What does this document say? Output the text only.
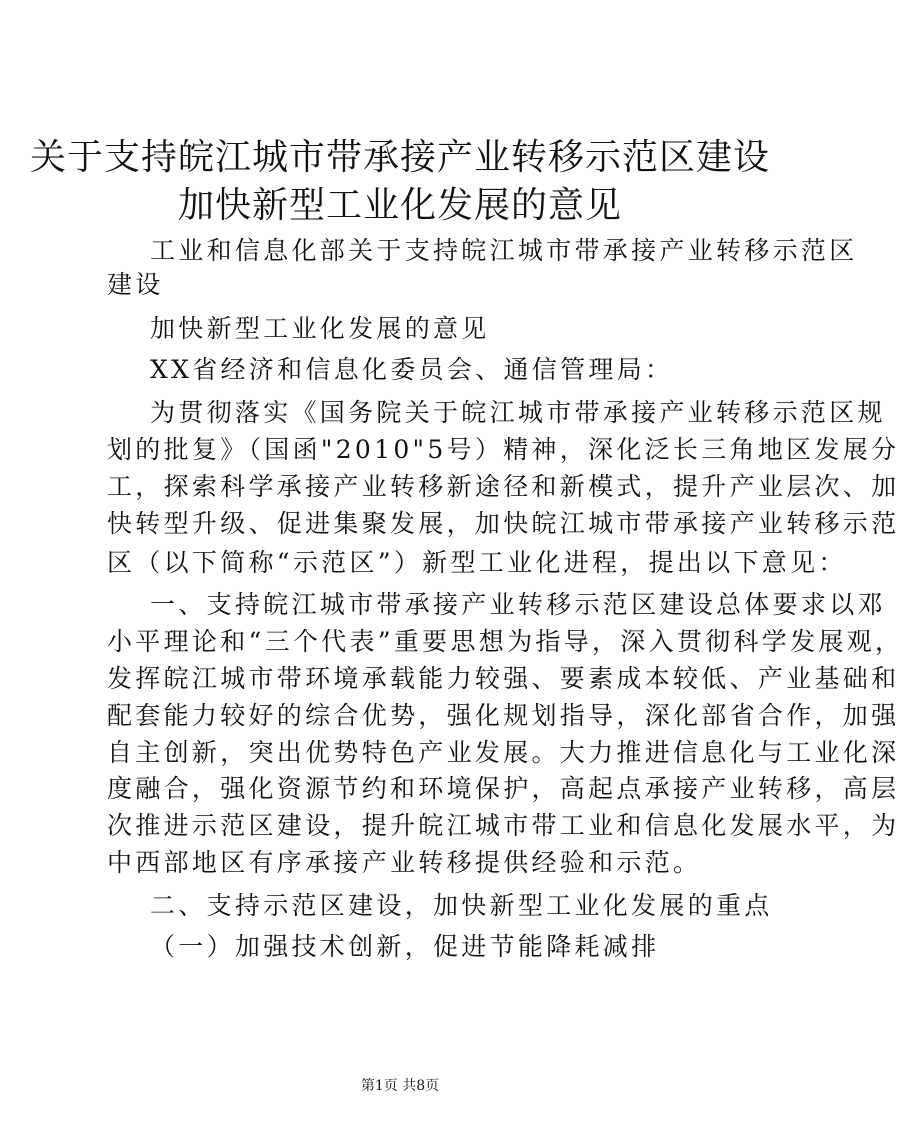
关于支持皖江城市带承接产业转移示范区建设
加快新型工业化发展的意见
工业和信息化部关于支持皖江城市带承接产业转移示范区
建设
加快新型工业化发展的意见
XX省经济和信息化委员会、通信管理局：
为贯彻落实《国务院关于皖江城市带承接产业转移示范区规
划的批复》（国函"2010"5号）精神，深化泛长三角地区发展分
工，探索科学承接产业转移新途径和新模式，提升产业层次、加
快转型升级、促进集聚发展，加快皖江城市带承接产业转移示范
区（以下简称“示范区”）新型工业化进程，提出以下意见：
一、支持皖江城市带承接产业转移示范区建设总体要求以邓
小平理论和“三个代表”重要思想为指导，深入贯彻科学发展观，
发挥皖江城市带环境承载能力较强、要素成本较低、产业基础和
配套能力较好的综合优势，强化规划指导，深化部省合作，加强
自主创新，突出优势特色产业发展。大力推进信息化与工业化深
度融合，强化资源节约和环境保护，高起点承接产业转移，高层
次推进示范区建设，提升皖江城市带工业和信息化发展水平，为
中西部地区有序承接产业转移提供经验和示范。
二、支持示范区建设，加快新型工业化发展的重点
（一）加强技术创新，促进节能降耗减排
第1页 共8页
